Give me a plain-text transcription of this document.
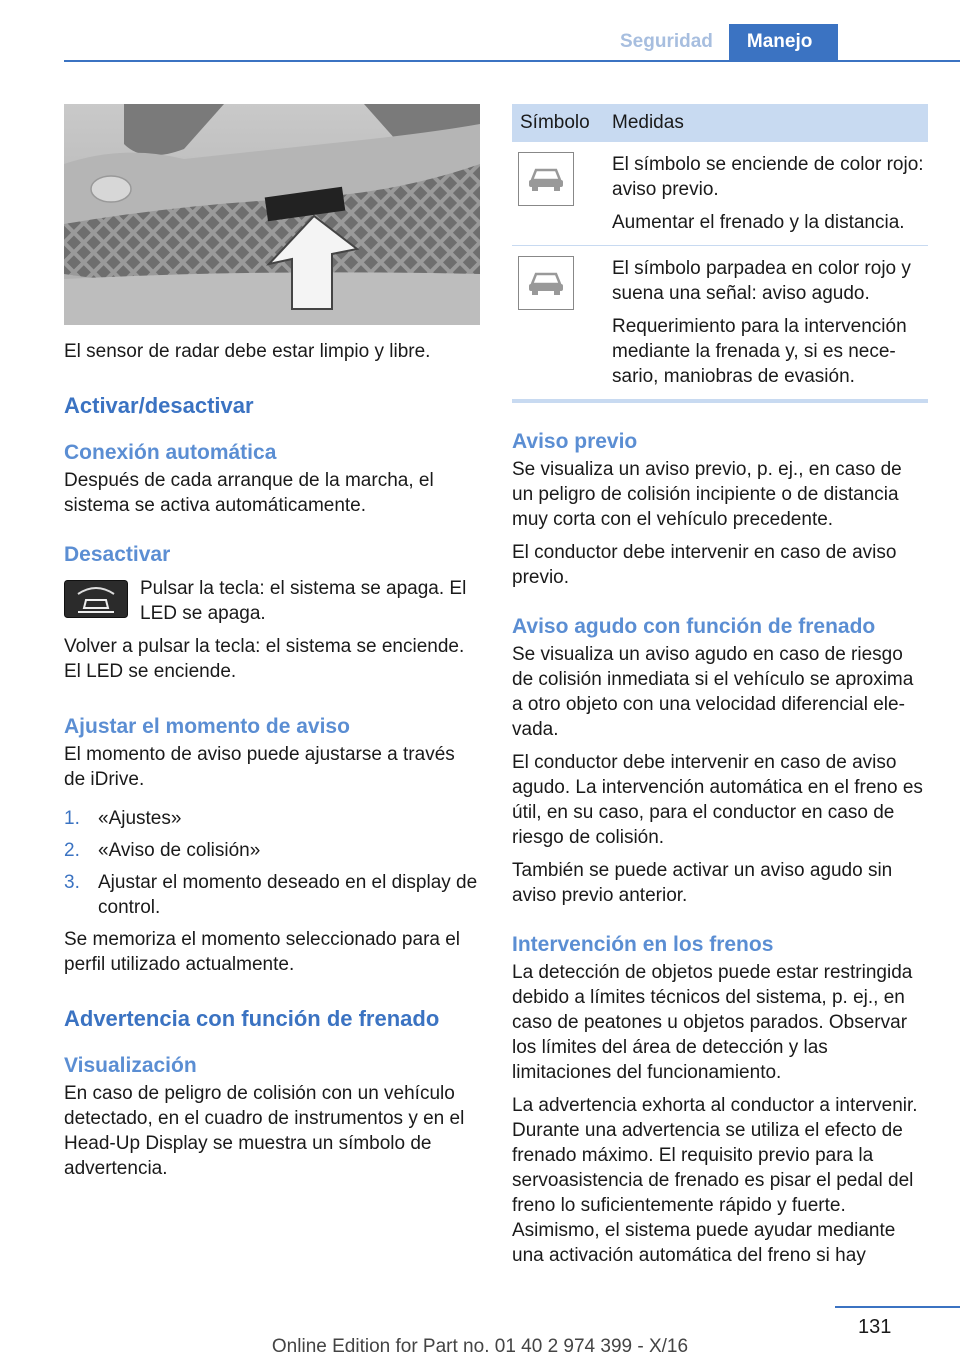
Seguridad	Manejo

El sensor de radar debe estar limpio y libre.

Activar/desactivar
Conexión automática

Después de cada arranque de la marcha, el sistema se activa automáticamente.

Desactivar

Pulsar la tecla: el sistema se apaga. El LED se apaga.

Volver a pulsar la tecla: el sistema se enciende. El LED se enciende.

Ajustar el momento de aviso

El momento de aviso puede ajustarse a través de iDrive.

1. «Ajustes»
2. «Aviso de colisión»
3. Ajustar el momento deseado en el display de control.

Se memoriza el momento seleccionado para el perfil utilizado actualmente.

Advertencia con función de frenado
Visualización

En caso de peligro de colisión con un vehículo detectado, en el cuadro de instrumentos y en el Head-Up Display se muestra un símbolo de advertencia.

Símbolo	Medidas

El símbolo se enciende de color rojo: aviso previo.

Aumentar el frenado y la distancia.

El símbolo parpadea en color rojo y suena una señal: aviso agudo.

Requerimiento para la intervención mediante la frenada y, si es necesario, maniobras de evasión.

Aviso previo

Se visualiza un aviso previo, p. ej., en caso de un peligro de colisión incipiente o de distancia muy corta con el vehículo precedente.

El conductor debe intervenir en caso de aviso previo.

Aviso agudo con función de frenado

Se visualiza un aviso agudo en caso de riesgo de colisión inmediata si el vehículo se aproxima a otro objeto con una velocidad diferencial elevada.

El conductor debe intervenir en caso de aviso agudo. La intervención automática en el freno es útil, en su caso, para el conductor en caso de riesgo de colisión.

También se puede activar un aviso agudo sin aviso previo anterior.

Intervención en los frenos

La detección de objetos puede estar restringida debido a límites técnicos del sistema, p. ej., en caso de peatones u objetos parados. Observar los límites del área de detección y las limitaciones del funcionamiento.

La advertencia exhorta al conductor a intervenir. Durante una advertencia se utiliza el efecto de frenado máximo. El requisito previo para la servoasistencia de frenado es pisar el pedal del freno lo suficientemente rápido y fuerte. Asimismo, el sistema puede ayudar mediante una activación automática del freno si hay

131
Online Edition for Part no. 01 40 2 974 399 - X/16
